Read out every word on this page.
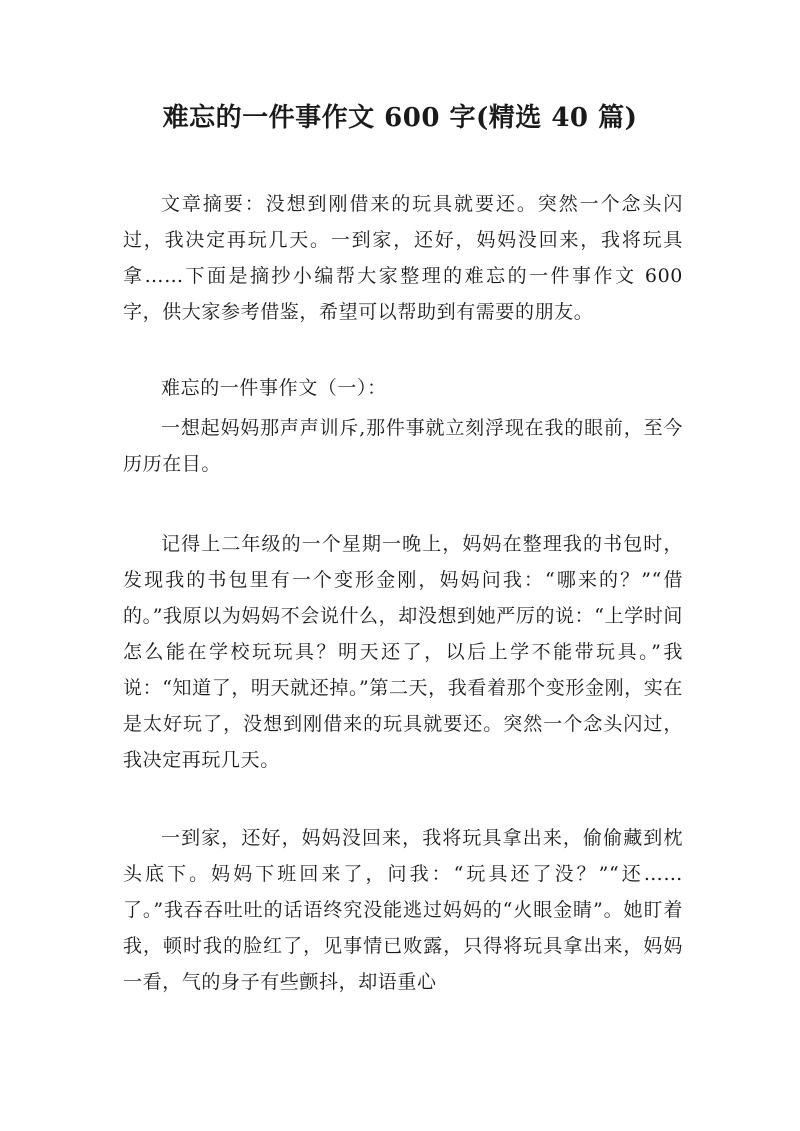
难忘的一件事作文 600 字(精选 40 篇)

文章摘要：没想到刚借来的玩具就要还。突然一个念头闪过，我决定再玩几天。一到家，还好，妈妈没回来，我将玩具拿……下面是摘抄小编帮大家整理的难忘的一件事作文 600 字，供大家参考借鉴，希望可以帮助到有需要的朋友。

难忘的一件事作文（一）：

一想起妈妈那声声训斥,那件事就立刻浮现在我的眼前，至今历历在目。

记得上二年级的一个星期一晚上，妈妈在整理我的书包时，发现我的书包里有一个变形金刚，妈妈问我：“哪来的？”“借的。”我原以为妈妈不会说什么，却没想到她严厉的说：“上学时间怎么能在学校玩玩具？明天还了，以后上学不能带玩具。”我说：“知道了，明天就还掉。”第二天，我看着那个变形金刚，实在是太好玩了，没想到刚借来的玩具就要还。突然一个念头闪过，我决定再玩几天。

一到家，还好，妈妈没回来，我将玩具拿出来，偷偷藏到枕头底下。妈妈下班回来了，问我：“玩具还了没？”“还……了。”我吞吞吐吐的话语终究没能逃过妈妈的“火眼金睛”。她盯着我，顿时我的脸红了，见事情已败露，只得将玩具拿出来，妈妈一看，气的身子有些颤抖，却语重心
